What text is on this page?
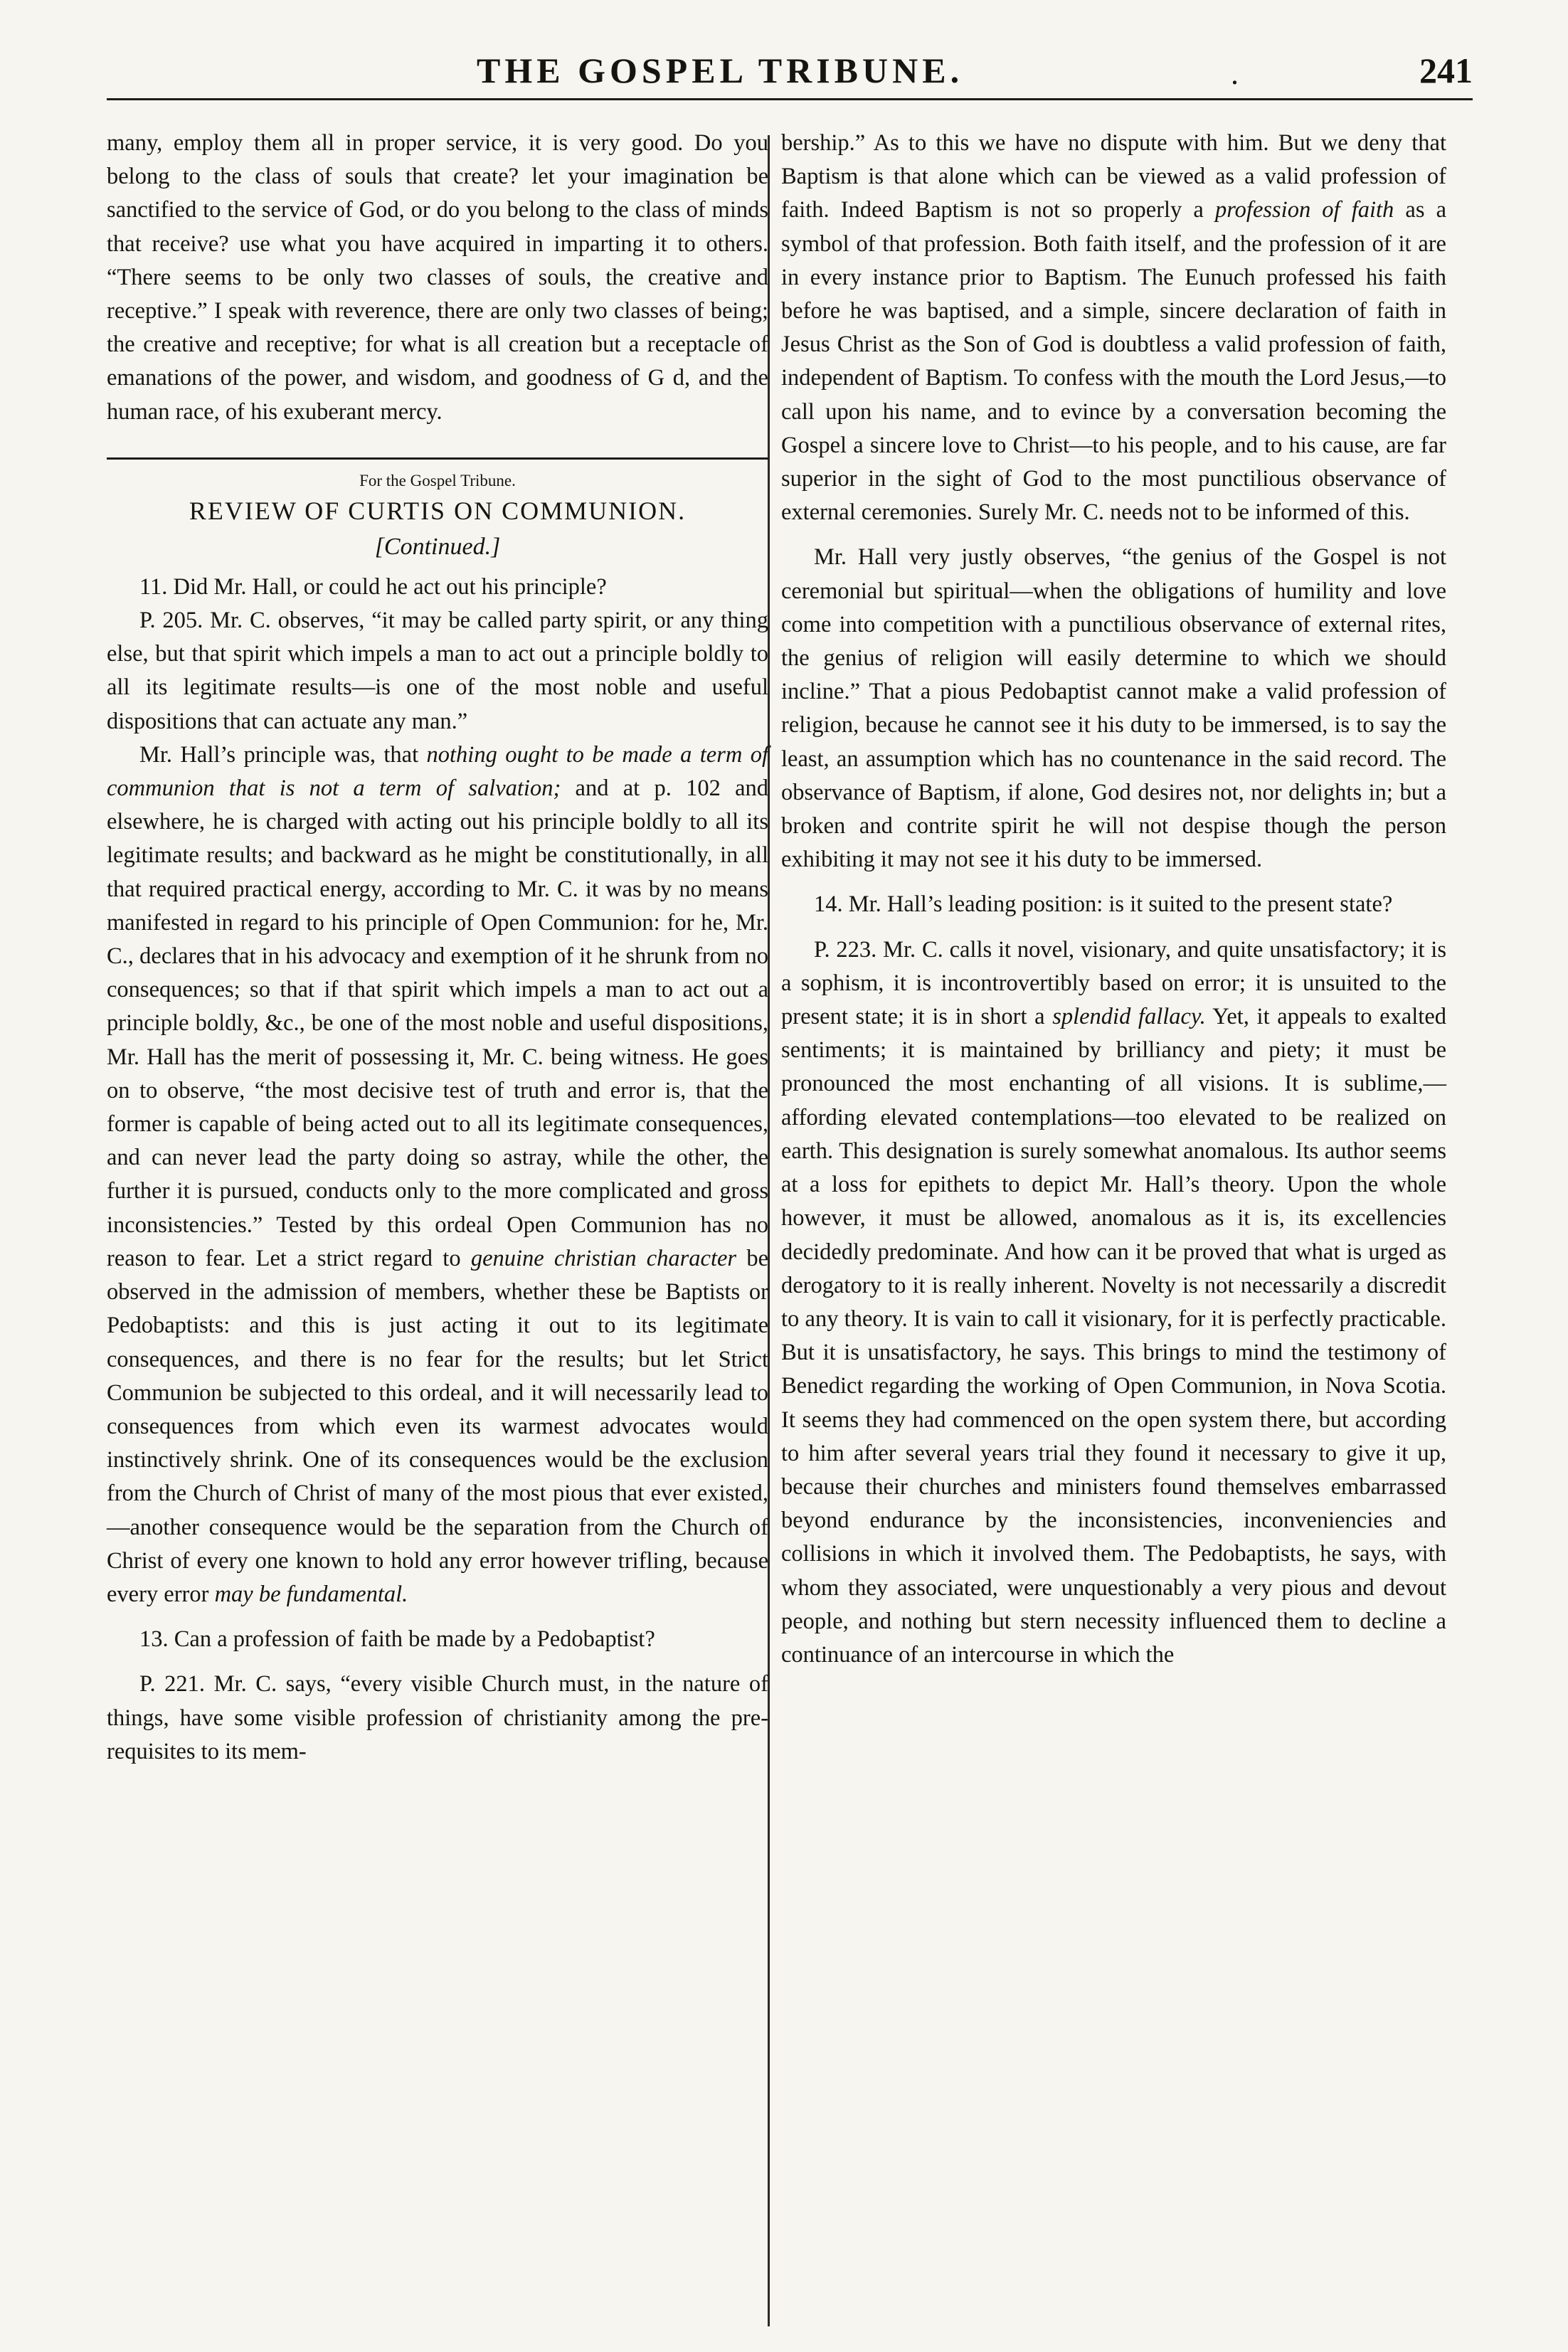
THE GOSPEL TRIBUNE.	.	241

many, employ them all in proper service, it is very good. Do you belong to the class of souls that create? let your imagination be sanctified to the service of God, or do you belong to the class of minds that receive? use what you have acquired in imparting it to others. “There seems to be only two classes of souls, the creative and receptive.” I speak with reverence, there are only two classes of being; the creative and receptive; for what is all creation but a receptacle of emanations of the power, and wisdom, and goodness of G d, and the human race, of his exuberant mercy.

For the Gospel Tribune.
REVIEW OF CURTIS ON COMMUNION.
[Continued.]

11. Did Mr. Hall, or could he act out his principle?

P. 205. Mr. C. observes, “it may be called party spirit, or any thing else, but that spirit which impels a man to act out a principle boldly to all its legitimate results—is one of the most noble and useful dispositions that can actuate any man.”

Mr. Hall’s principle was, that nothing ought to be made a term of communion that is not a term of salvation; and at p. 102 and elsewhere, he is charged with acting out his principle boldly to all its legitimate results; and backward as he might be constitutionally, in all that required practical energy, according to Mr. C. it was by no means manifested in regard to his principle of Open Communion: for he, Mr. C., declares that in his advocacy and exemption of it he shrunk from no consequences; so that if that spirit which impels a man to act out a principle boldly, &c., be one of the most noble and useful dispositions, Mr. Hall has the merit of possessing it, Mr. C. being witness. He goes on to observe, “the most decisive test of truth and error is, that the former is capable of being acted out to all its legitimate consequences, and can never lead the party doing so astray, while the other, the further it is pursued, conducts only to the more complicated and gross inconsistencies.” Tested by this ordeal Open Communion has no reason to fear. Let a strict regard to genuine christian character be observed in the admission of members, whether these be Baptists or Pedobaptists: and this is just acting it out to its legitimate consequences, and there is no fear for the results; but let Strict Communion be subjected to this ordeal, and it will necessarily lead to consequences from which even its warmest advocates would instinctively shrink. One of its consequences would be the exclusion from the Church of Christ of many of the most pious that ever existed,—another consequence would be the separation from the Church of Christ of every one known to hold any error however trifling, because every error may be fundamental.

13. Can a profession of faith be made by a Pedobaptist?

P. 221. Mr. C. says, “every visible Church must, in the nature of things, have some visible profession of christianity among the pre-requisites to its mem-

bership.” As to this we have no dispute with him. But we deny that Baptism is that alone which can be viewed as a valid profession of faith. Indeed Baptism is not so properly a profession of faith as a symbol of that profession. Both faith itself, and the profession of it are in every instance prior to Baptism. The Eunuch professed his faith before he was baptised, and a simple, sincere declaration of faith in Jesus Christ as the Son of God is doubtless a valid profession of faith, independent of Baptism. To confess with the mouth the Lord Jesus,—to call upon his name, and to evince by a conversation becoming the Gospel a sincere love to Christ—to his people, and to his cause, are far superior in the sight of God to the most punctilious observance of external ceremonies. Surely Mr. C. needs not to be informed of this.

Mr. Hall very justly observes, “the genius of the Gospel is not ceremonial but spiritual—when the obligations of humility and love come into competition with a punctilious observance of external rites, the genius of religion will easily determine to which we should incline.” That a pious Pedobaptist cannot make a valid profession of religion, because he cannot see it his duty to be immersed, is to say the least, an assumption which has no countenance in the said record. The observance of Baptism, if alone, God desires not, nor delights in; but a broken and contrite spirit he will not despise though the person exhibiting it may not see it his duty to be immersed.

14. Mr. Hall’s leading position: is it suited to the present state?

P. 223. Mr. C. calls it novel, visionary, and quite unsatisfactory; it is a sophism, it is incontrovertibly based on error; it is unsuited to the present state; it is in short a splendid fallacy. Yet, it appeals to exalted sentiments; it is maintained by brilliancy and piety; it must be pronounced the most enchanting of all visions. It is sublime,—affording elevated contemplations—too elevated to be realized on earth. This designation is surely somewhat anomalous. Its author seems at a loss for epithets to depict Mr. Hall’s theory. Upon the whole however, it must be allowed, anomalous as it is, its excellencies decidedly predominate. And how can it be proved that what is urged as derogatory to it is really inherent. Novelty is not necessarily a discredit to any theory. It is vain to call it visionary, for it is perfectly practicable. But it is unsatisfactory, he says. This brings to mind the testimony of Benedict regarding the working of Open Communion, in Nova Scotia. It seems they had commenced on the open system there, but according to him after several years trial they found it necessary to give it up, because their churches and ministers found themselves embarrassed beyond endurance by the inconsistencies, inconveniencies and collisions in which it involved them. The Pedobaptists, he says, with whom they associated, were unquestionably a very pious and devout people, and nothing but stern necessity influenced them to decline a continuance of an intercourse in which the
